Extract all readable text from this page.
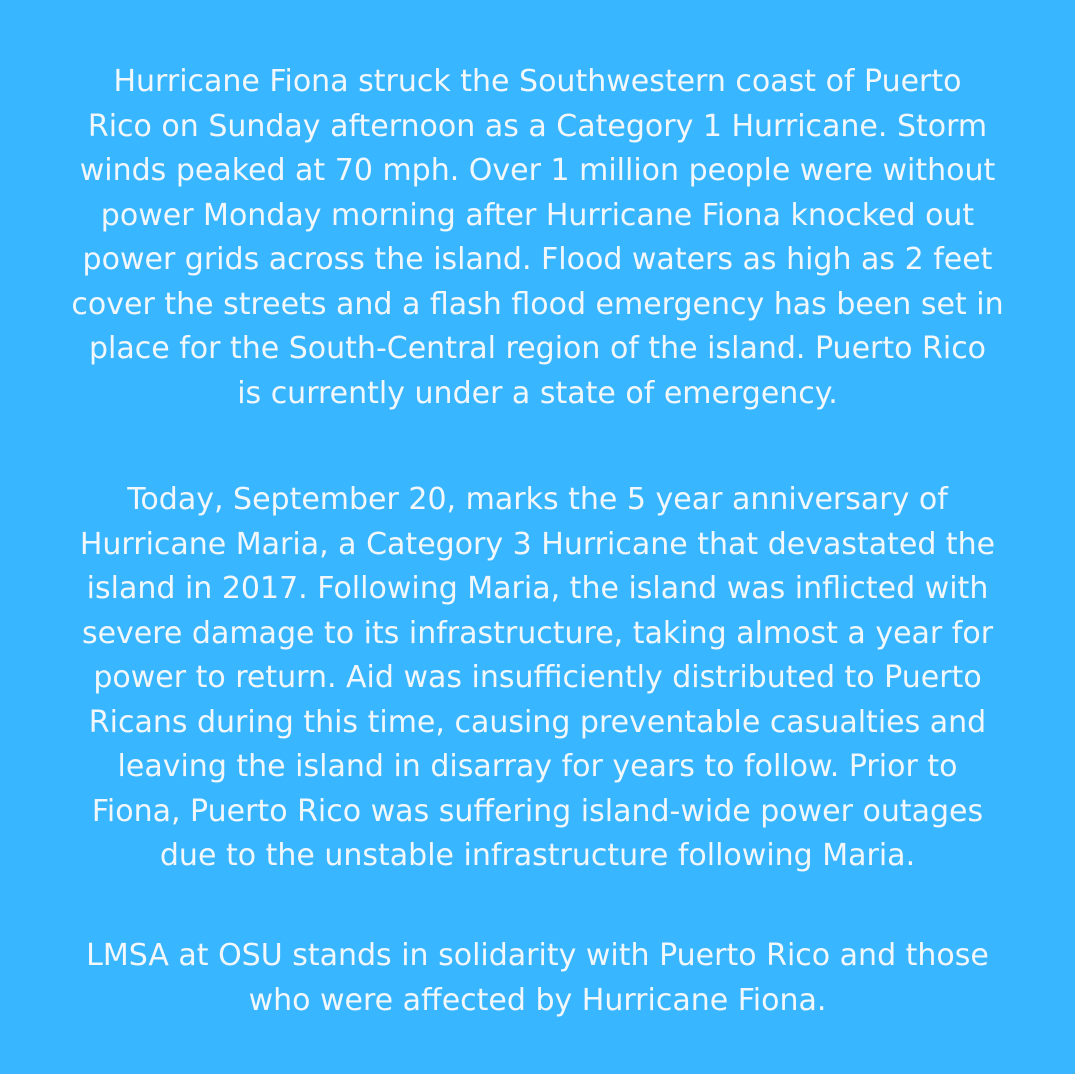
Hurricane Fiona struck the Southwestern coast of Puerto
Rico on Sunday afternoon as a Category 1 Hurricane. Storm
winds peaked at 70 mph. Over 1 million people were without
power Monday morning after Hurricane Fiona knocked out
power grids across the island. Flood waters as high as 2 feet
cover the streets and a flash flood emergency has been set in
place for the South-Central region of the island. Puerto Rico
is currently under a state of emergency.

Today, September 20, marks the 5 year anniversary of
Hurricane Maria, a Category 3 Hurricane that devastated the
island in 2017. Following Maria, the island was inflicted with
severe damage to its infrastructure, taking almost a year for
power to return. Aid was insufficiently distributed to Puerto
Ricans during this time, causing preventable casualties and
leaving the island in disarray for years to follow. Prior to
Fiona, Puerto Rico was suffering island-wide power outages
due to the unstable infrastructure following Maria.

LMSA at OSU stands in solidarity with Puerto Rico and those
who were affected by Hurricane Fiona.
